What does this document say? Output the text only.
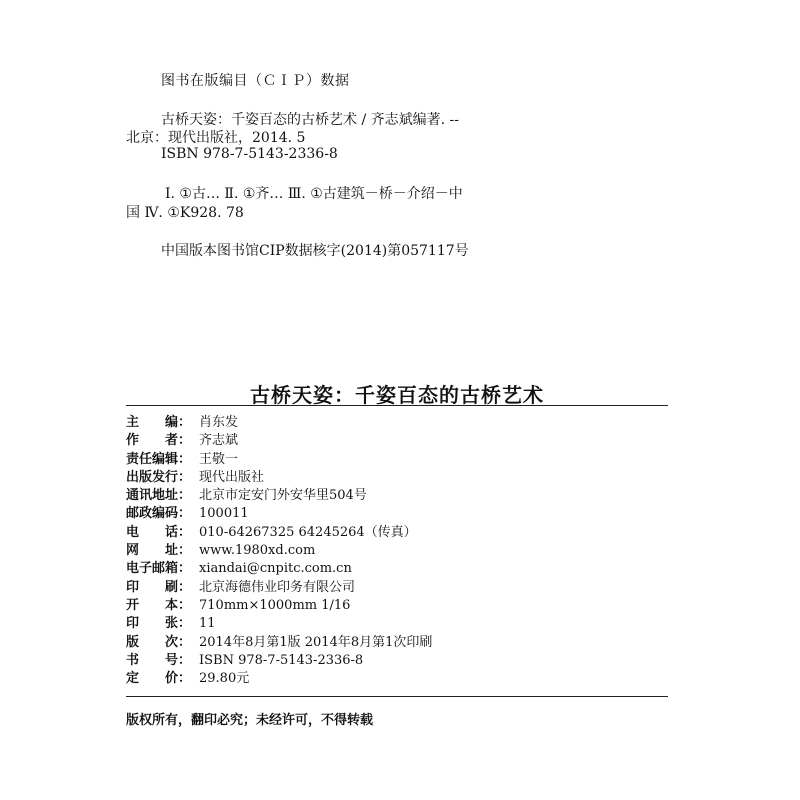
图书在版编目（ＣＩＰ）数据
古桥天姿：千姿百态的古桥艺术 / 齐志斌编著. --
北京：现代出版社，2014. 5
ISBN 978-7-5143-2336-8
Ⅰ. ①古… Ⅱ. ①齐… Ⅲ. ①古建筑－桥－介绍－中
国 Ⅳ. ①K928. 78
中国版本图书馆CIP数据核字(2014)第057117号
古桥天姿：千姿百态的古桥艺术
主　　编： 肖东发
作　　者： 齐志斌
责任编辑： 王敬一
出版发行： 现代出版社
通讯地址： 北京市定安门外安华里504号
邮政编码： 100011
电　　话： 010-64267325 64245264（传真）
网　　址： www.1980xd.com
电子邮箱： xiandai@cnpitc.com.cn
印　　刷： 北京海德伟业印务有限公司
开　　本： 710mm×1000mm 1/16
印　　张： 11
版　　次： 2014年8月第1版 2014年8月第1次印刷
书　　号： ISBN 978-7-5143-2336-8
定　　价： 29.80元
版权所有，翻印必究；未经许可，不得转载
